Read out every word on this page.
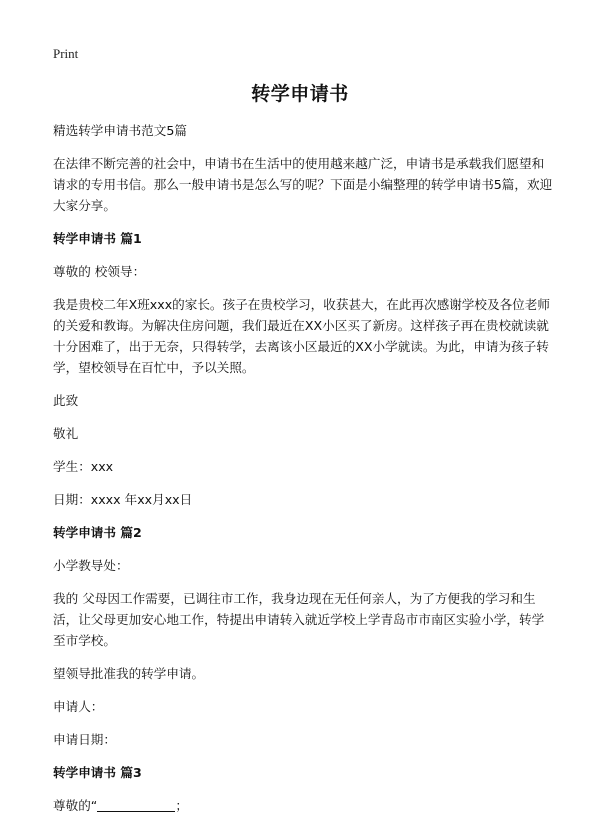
Print
转学申请书

精选转学申请书范文5篇

在法律不断完善的社会中，申请书在生活中的使用越来越广泛，申请书是承载我们愿望和请求的专用书信。那么一般申请书是怎么写的呢？下面是小编整理的转学申请书5篇，欢迎大家分享。

转学申请书 篇1

尊敬的 校领导：

我是贵校二年X班xxx的家长。孩子在贵校学习，收获甚大，在此再次感谢学校及各位老师的关爱和教诲。为解决住房问题，我们最近在XX小区买了新房。这样孩子再在贵校就读就十分困难了，出于无奈，只得转学，去离该小区最近的XX小学就读。为此，申请为孩子转学，望校领导在百忙中，予以关照。

此致

敬礼

学生：xxx

日期：xxxx 年xx月xx日

转学申请书 篇2

小学教导处：

我的 父母因工作需要，已调往市工作，我身边现在无任何亲人，为了方便我的学习和生活，让父母更加安心地工作，特提出申请转入就近学校上学青岛市市南区实验小学，转学至市学校。

望领导批准我的转学申请。

申请人：

申请日期：

转学申请书 篇3

尊敬的“	；
